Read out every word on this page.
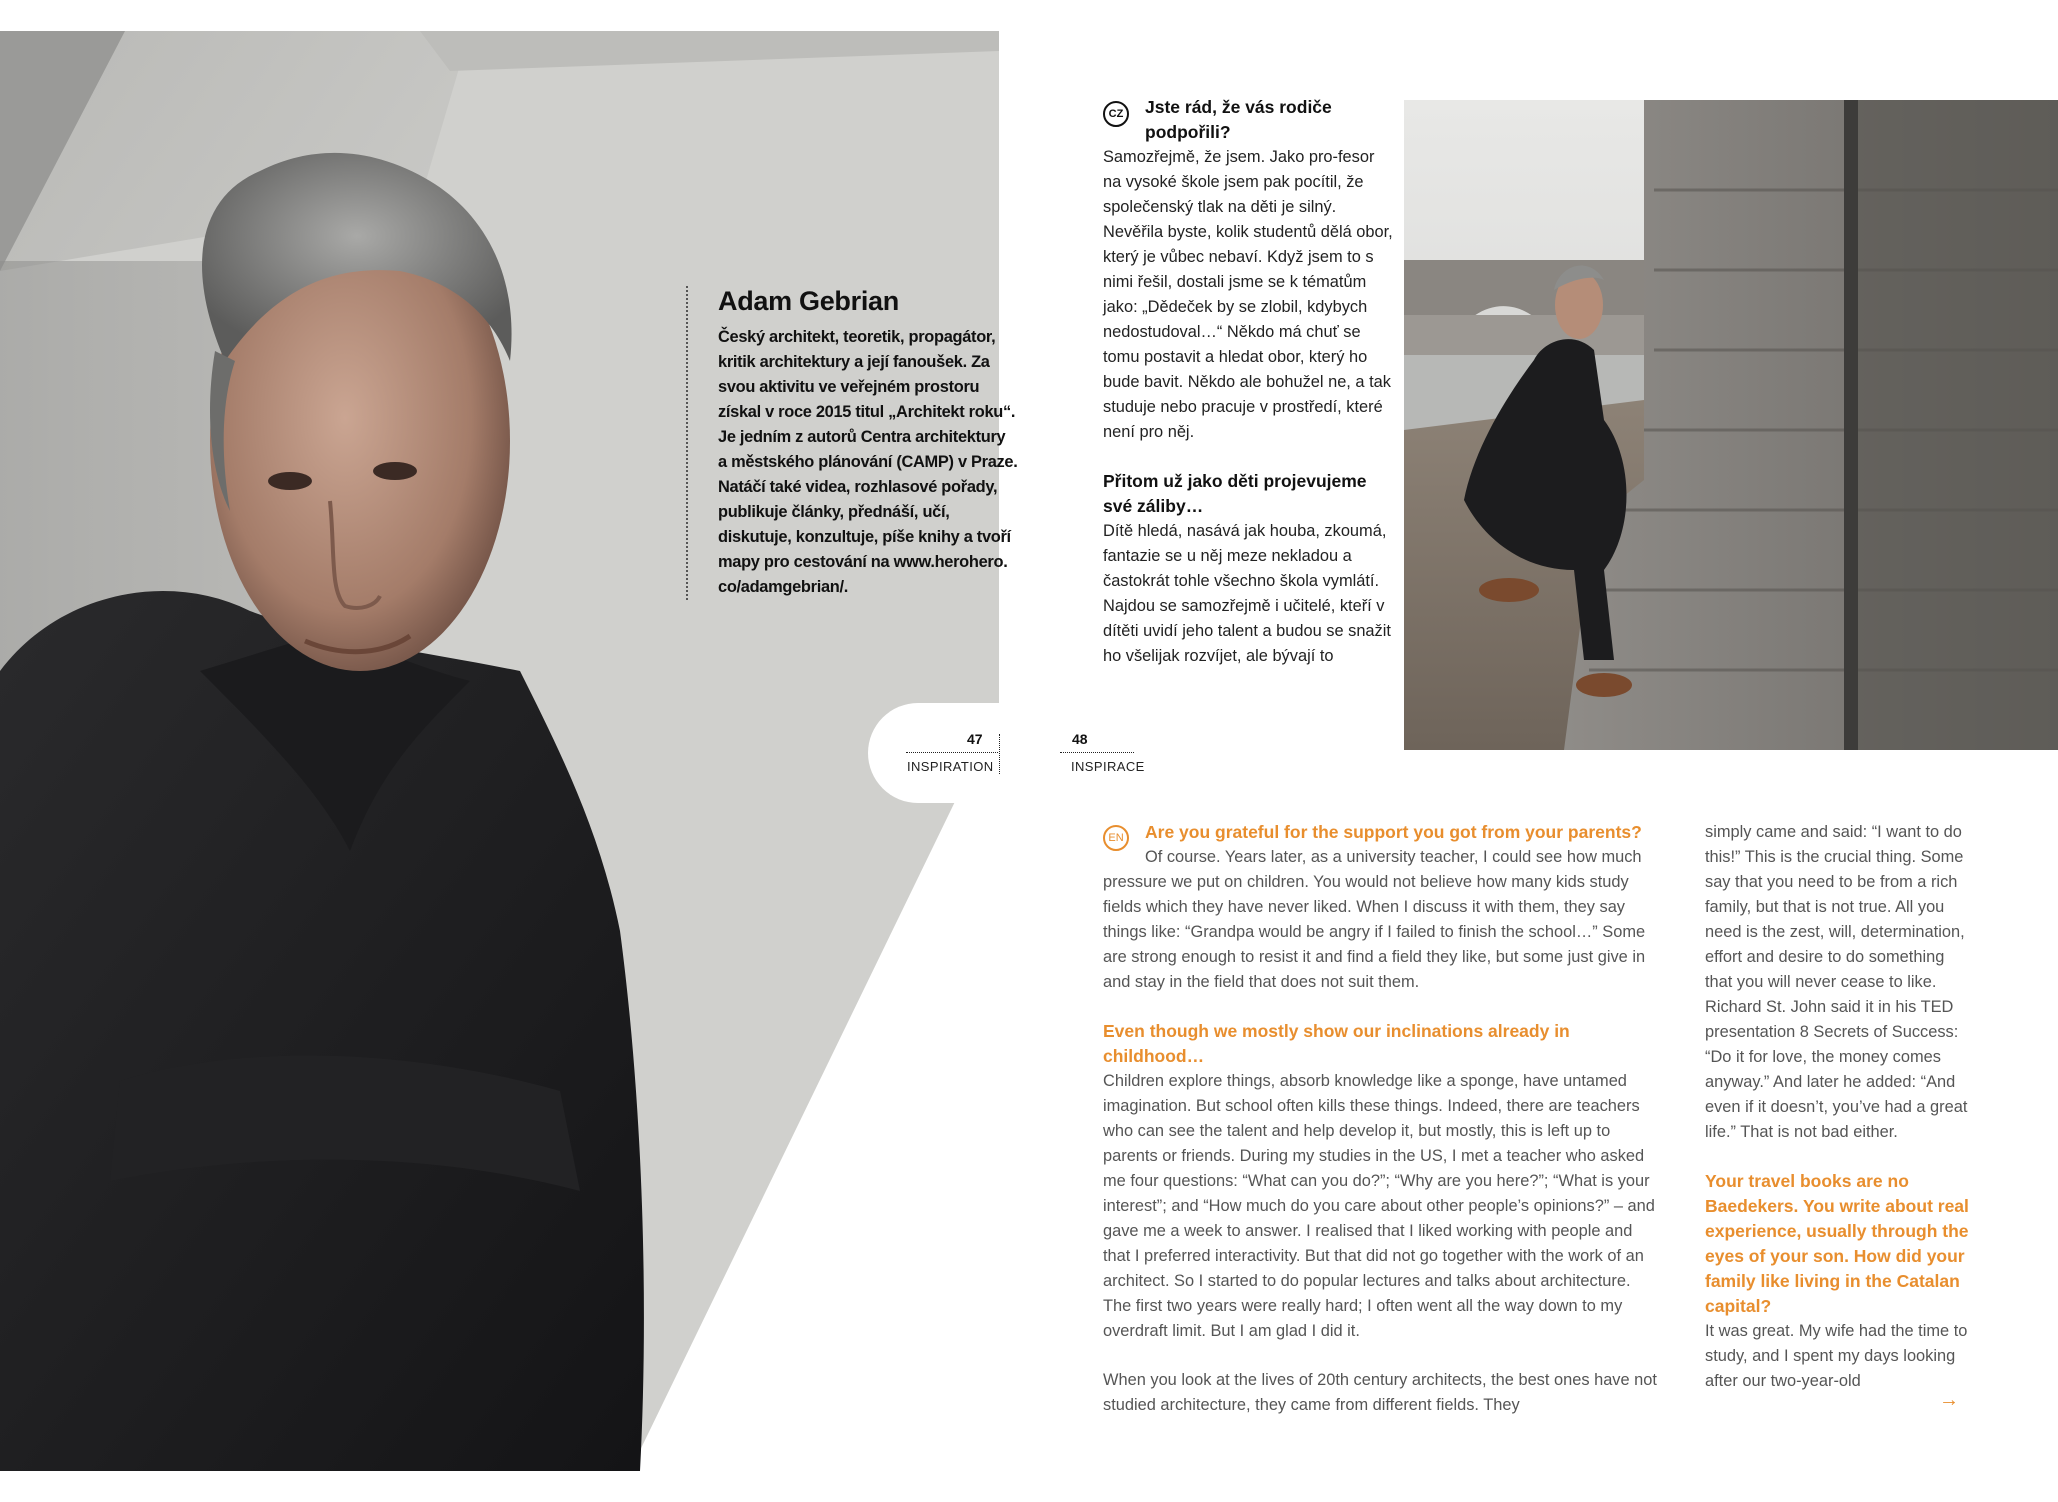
Adam Gebrian

Český architekt, teoretik, propagátor, kritik architektury a její fanoušek. Za svou aktivitu ve veřejném prostoru získal v roce 2015 titul „Architekt roku“. Je jedním z autorů Centra architektury a městského plánování (CAMP) v Praze. Natáčí také videa, rozhlasové pořady, publikuje články, přednáší, učí, diskutuje, konzultuje, píše knihy a tvoří mapy pro cestování na www.herohero. co/adamgebrian/.

47
INSPIRATION
48
INSPIRACE
CZ	Jste rád, že vás rodiče podpořili?

Samozřejmě, že jsem. Jako pro-fesor na vysoké škole jsem pak pocítil, že společenský tlak na děti je silný. Nevěřila byste, kolik studentů dělá obor, který je vůbec nebaví. Když jsem to s nimi řešil, dostali jsme se k tématům jako: „Dědeček by se zlobil, kdybych nedostudoval…“ Někdo má chuť se tomu postavit a hledat obor, který ho bude bavit. Někdo ale bohužel ne, a tak studuje nebo pracuje v prostředí, které není pro něj.

Přitom už jako děti projevujeme své záliby…

Dítě hledá, nasává jak houba, zkoumá, fantazie se u něj meze nekladou a častokrát tohle všechno škola vymlátí. Najdou se samozřejmě i učitelé, kteří v dítěti uvidí jeho talent a budou se snažit ho všelijak rozvíjet, ale bývají to

EN	Are you grateful for the support you got from your parents?

Of course. Years later, as a university teacher, I could see how much pressure we put on children. You would not believe how many kids study fields which they have never liked. When I discuss it with them, they say things like: “Grandpa would be angry if I failed to finish the school…” Some are strong enough to resist it and find a field they like, but some just give in and stay in the field that does not suit them.

Even though we mostly show our inclinations already in childhood…

Children explore things, absorb knowledge like a sponge, have untamed imagination. But school often kills these things. Indeed, there are teachers who can see the talent and help develop it, but mostly, this is left up to parents or friends. During my studies in the US, I met a teacher who asked me four questions: “What can you do?”; “Why are you here?”; “What is your interest”; and “How much do you care about other people’s opinions?” – and gave me a week to answer. I realised that I liked working with people and that I preferred interactivity. But that did not go together with the work of an architect. So I started to do popular lectures and talks about architecture. The first two years were really hard; I often went all the way down to my overdraft limit. But I am glad I did it.

When you look at the lives of 20th century architects, the best ones have not studied architecture, they came from different fields. They

simply came and said: “I want to do this!” This is the crucial thing. Some say that you need to be from a rich family, but that is not true. All you need is the zest, will, determination, effort and desire to do something that you will never cease to like. Richard St. John said it in his TED presentation 8 Secrets of Success: “Do it for love, the money comes anyway.” And later he added: “And even if it doesn’t, you’ve had a great life.” That is not bad either.

Your travel books are no Baedekers. You write about real experience, usually through the eyes of your son. How did your family like living in the Catalan capital?

It was great. My wife had the time to study, and I spent my days looking after our two-year-old

→
